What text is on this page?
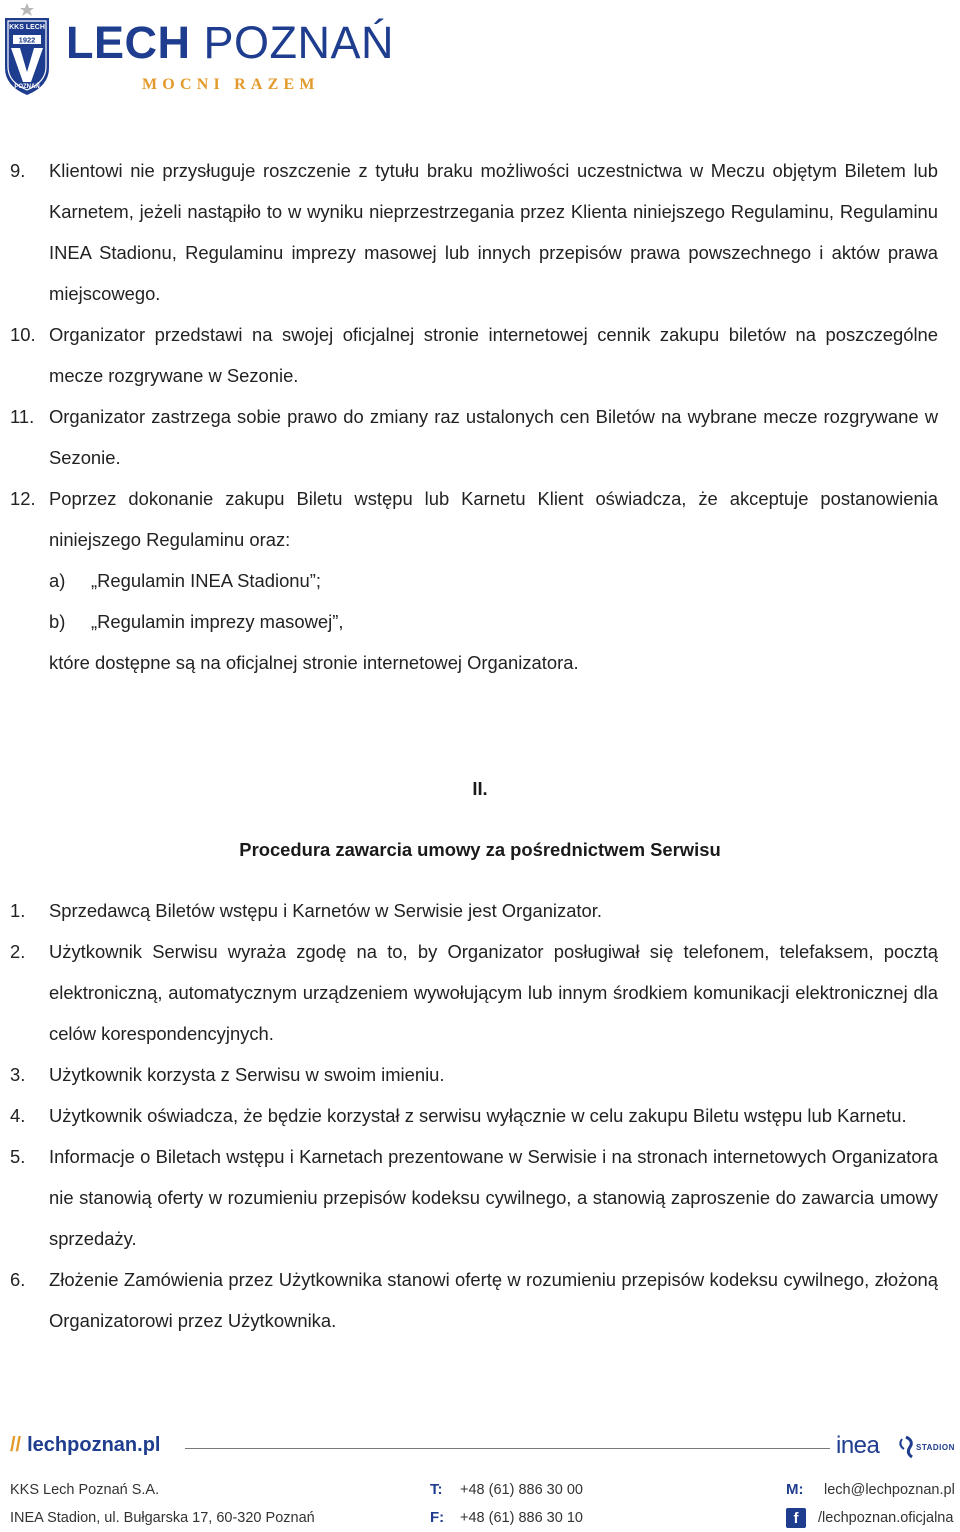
KKS LECH
1922
POZNAŃ
LECH POZNAŃ
MOCNI RAZEM
9. Klientowi nie przysługuje roszczenie z tytułu braku możliwości uczestnictwa w Meczu objętym Biletem lub Karnetem, jeżeli nastąpiło to w wyniku nieprzestrzegania przez Klienta niniejszego Regulaminu, Regulaminu INEA Stadionu, Regulaminu imprezy masowej lub innych przepisów prawa powszechnego i aktów prawa miejscowego.
10. Organizator przedstawi na swojej oficjalnej stronie internetowej cennik zakupu biletów na poszczególne mecze rozgrywane w Sezonie.
11. Organizator zastrzega sobie prawo do zmiany raz ustalonych cen Biletów na wybrane mecze rozgrywane w Sezonie.
12. Poprzez dokonanie zakupu Biletu wstępu lub Karnetu Klient oświadcza, że akceptuje postanowienia niniejszego Regulaminu oraz:
a) „Regulamin INEA Stadionu”;
b) „Regulamin imprezy masowej”,
które dostępne są na oficjalnej stronie internetowej Organizatora.
II.
Procedura zawarcia umowy za pośrednictwem Serwisu
1. Sprzedawcą Biletów wstępu i Karnetów w Serwisie jest Organizator.
2. Użytkownik Serwisu wyraża zgodę na to, by Organizator posługiwał się telefonem, telefaksem, pocztą elektroniczną, automatycznym urządzeniem wywołującym lub innym środkiem komunikacji elektronicznej dla celów korespondencyjnych.
3. Użytkownik korzysta z Serwisu w swoim imieniu.
4. Użytkownik oświadcza, że będzie korzystał z serwisu wyłącznie w celu zakupu Biletu wstępu lub Karnetu.
5. Informacje o Biletach wstępu i Karnetach prezentowane w Serwisie i na stronach internetowych Organizatora nie stanowią oferty w rozumieniu przepisów kodeksu cywilnego, a stanowią zaproszenie do zawarcia umowy sprzedaży.
6. Złożenie Zamówienia przez Użytkownika stanowi ofertę w rozumieniu przepisów kodeksu cywilnego, złożoną Organizatorowi przez Użytkownika.
// lechpoznan.pl	inea	STADION
KKS Lech Poznań S.A.
INEA Stadion, ul. Bułgarska 17, 60-320 Poznań
T: +48 (61) 886 30 00
F: +48 (61) 886 30 10
M: lech@lechpoznan.pl
f	/lechpoznan.oficjalna
